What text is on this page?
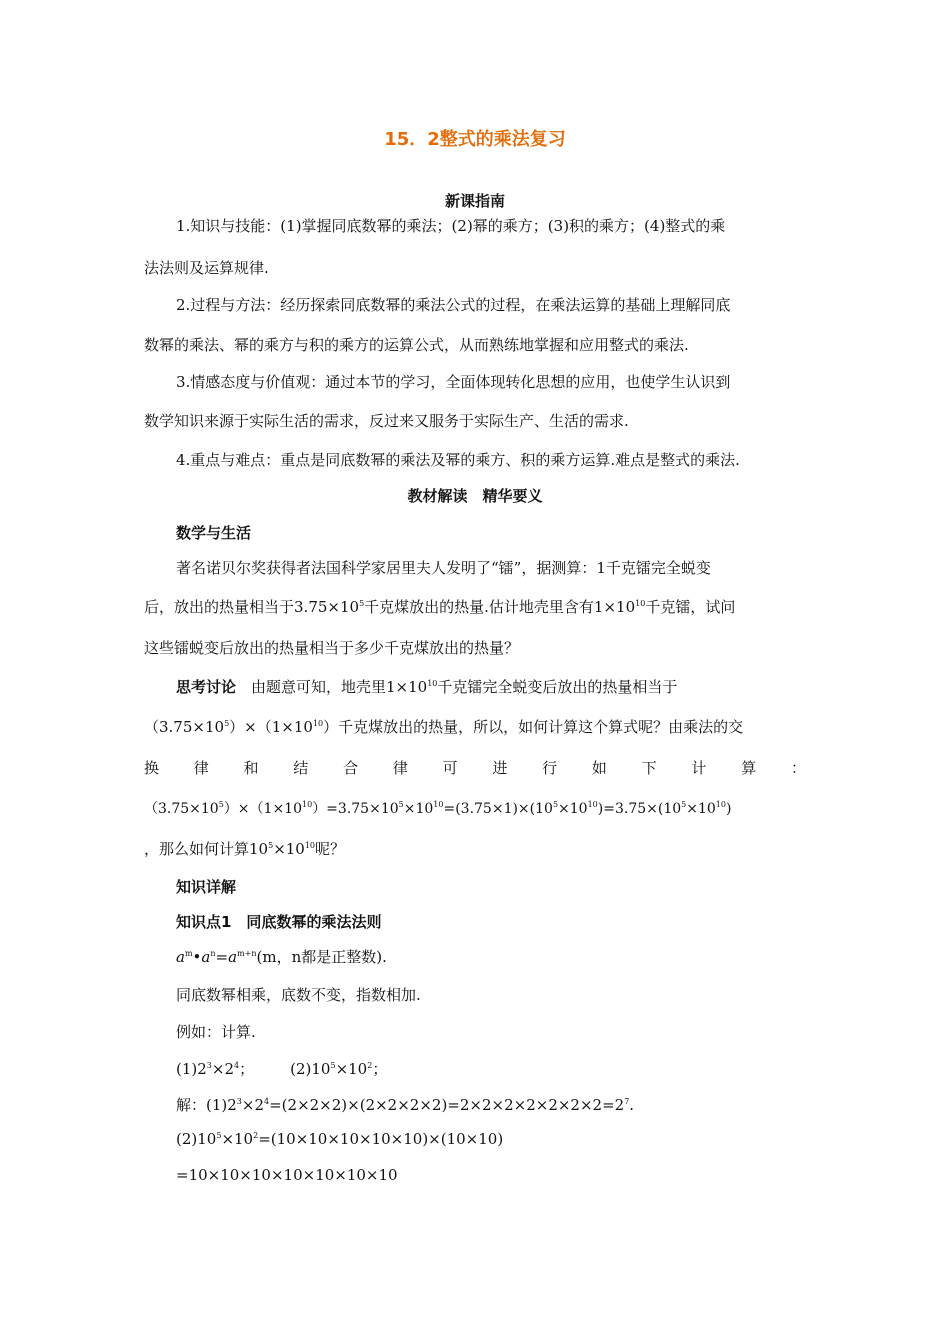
15．2整式的乘法复习
新课指南
1.知识与技能：(1)掌握同底数幂的乘法；(2)幂的乘方；(3)积的乘方；(4)整式的乘
法法则及运算规律.
2.过程与方法：经历探索同底数幂的乘法公式的过程，在乘法运算的基础上理解同底
数幂的乘法、幂的乘方与积的乘方的运算公式，从而熟练地掌握和应用整式的乘法.
3.情感态度与价值观：通过本节的学习，全面体现转化思想的应用，也使学生认识到
数学知识来源于实际生活的需求，反过来又服务于实际生产、生活的需求.
4.重点与难点：重点是同底数幂的乘法及幂的乘方、积的乘方运算.难点是整式的乘法.
教材解读　精华要义
数学与生活
著名诺贝尔奖获得者法国科学家居里夫人发明了“镭”，据测算：1千克镭完全蜕变
后，放出的热量相当于$3.75\times 10^5$千克煤放出的热量.估计地壳里含有$1\times 10^{10}$千克镭，试问
这些镭蜕变后放出的热量相当于多少千克煤放出的热量？
思考讨论　由题意可知，地壳里$1\times 10^{10}$千克镭完全蜕变后放出的热量相当于
$(3.75\times 10^5)\times(1\times 10^{10})$千克煤放出的热量，所以，如何计算这个算式呢？由乘法的交
换 律 和 结 合 律 可 进 行 如 下 计 算 ：
$(3.75\times 10^5)\times(1\times 10^{10})=3.75\times 10^5\times 10^{10}=(3.75\times 1)\times(10^5\times 10^{10})=3.75\times(10^5\times 10^{10})$
，那么如何计算$10^5\times 10^{10}$呢？
知识详解
知识点1　同底数幂的乘法法则
$a^m•a^n=a^{m+n}(m$，n都是正整数).
同底数幂相乘，底数不变，指数相加.
例如：计算.
$(1)2^3\times 2^4$； $(2)10^5\times 10^2$；
解：$(1)2^3\times 2^4=(2\times 2\times 2)\times(2\times 2\times 2\times 2)=2\times 2\times 2\times 2\times 2\times 2\times 2=2^7$.
$(2)10^5\times 10^2=(10\times 10\times 10\times 10\times 10)\times(10\times 10)$
=10×10×10×10×10×10×10
